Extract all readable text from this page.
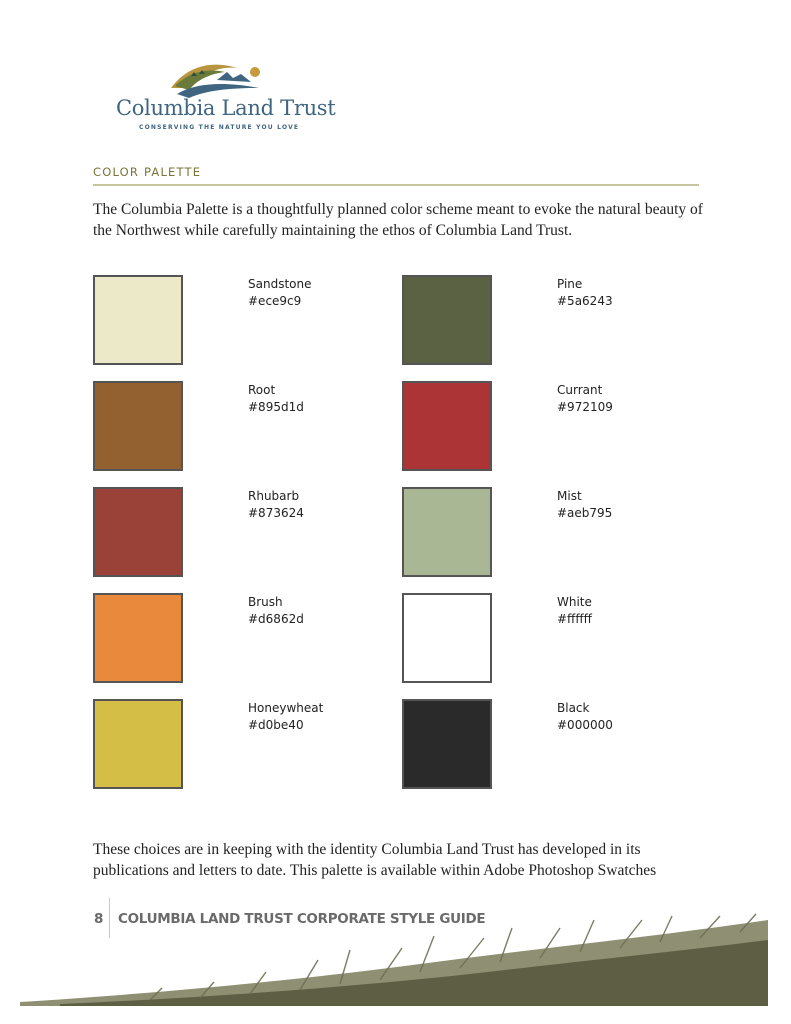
Columbia Land Trust
CONSERVING THE NATURE YOU LOVE
COLOR PALETTE

The Columbia Palette is a thoughtfully planned color scheme meant to evoke the natural beauty of the Northwest while carefully maintaining the ethos of Columbia Land Trust.

Sandstone
#ece9c9
Pine
#5a6243
Root
#895d1d
Currant
#972109
Rhubarb
#873624
Mist
#aeb795
Brush
#d6862d
White
#ffffff
Honeywheat
#d0be40
Black
#000000

These choices are in keeping with the identity Columbia Land Trust has developed in its publications and letters to date. This palette is available within Adobe Photoshop Swatches

8 COLUMBIA LAND TRUST CORPORATE STYLE GUIDE
